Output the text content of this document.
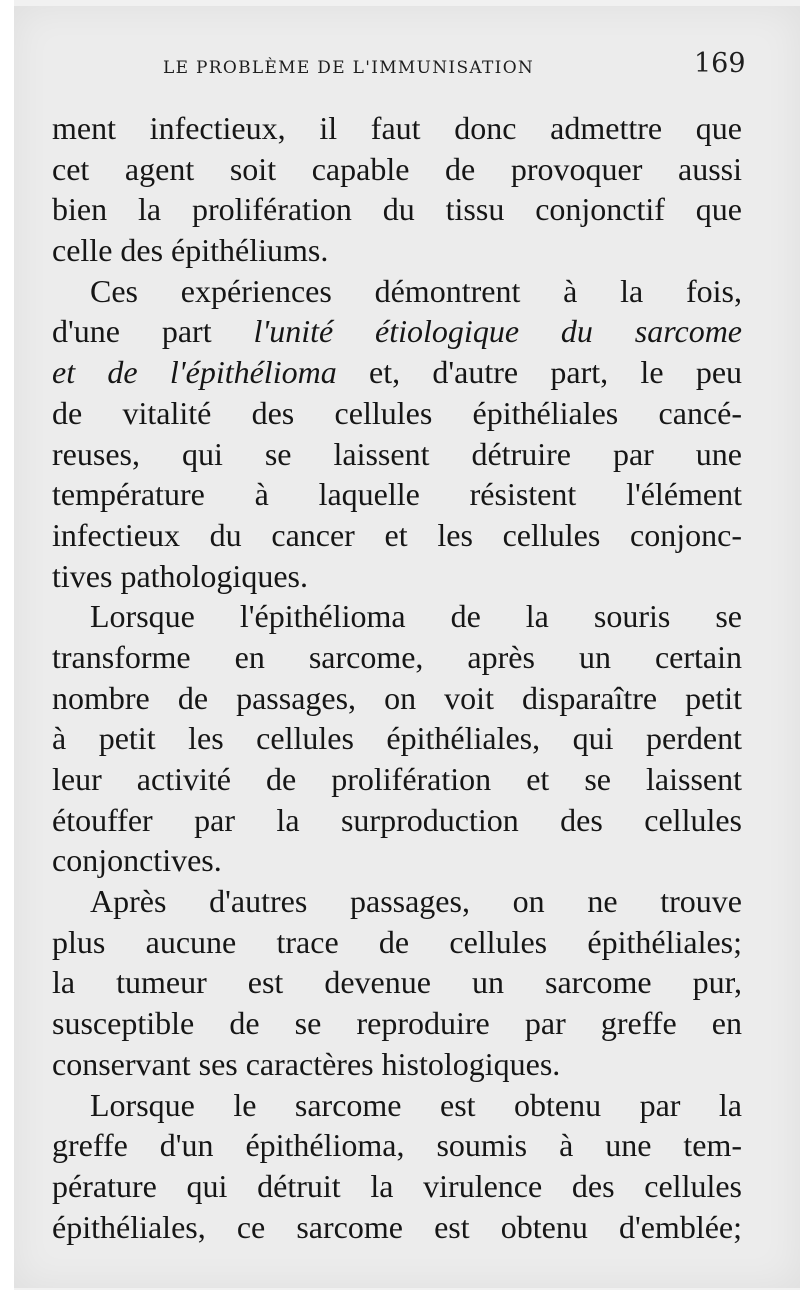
LE PROBLÈME DE L'IMMUNISATION	169
ment infectieux, il faut donc admettre que
cet agent soit capable de provoquer aussi
bien la prolifération du tissu conjonctif que
celle des épithéliums.
Ces expériences démontrent à la fois,
d'une part l'unité étiologique du sarcome
et de l'épithélioma et, d'autre part, le peu
de vitalité des cellules épithéliales cancé-
reuses, qui se laissent détruire par une
température à laquelle résistent l'élément
infectieux du cancer et les cellules conjonc-
tives pathologiques.
Lorsque l'épithélioma de la souris se
transforme en sarcome, après un certain
nombre de passages, on voit disparaître petit
à petit les cellules épithéliales, qui perdent
leur activité de prolifération et se laissent
étouffer par la surproduction des cellules
conjonctives.
Après d'autres passages, on ne trouve
plus aucune trace de cellules épithéliales;
la tumeur est devenue un sarcome pur,
susceptible de se reproduire par greffe en
conservant ses caractères histologiques.
Lorsque le sarcome est obtenu par la
greffe d'un épithélioma, soumis à une tem-
pérature qui détruit la virulence des cellules
épithéliales, ce sarcome est obtenu d'emblée;
